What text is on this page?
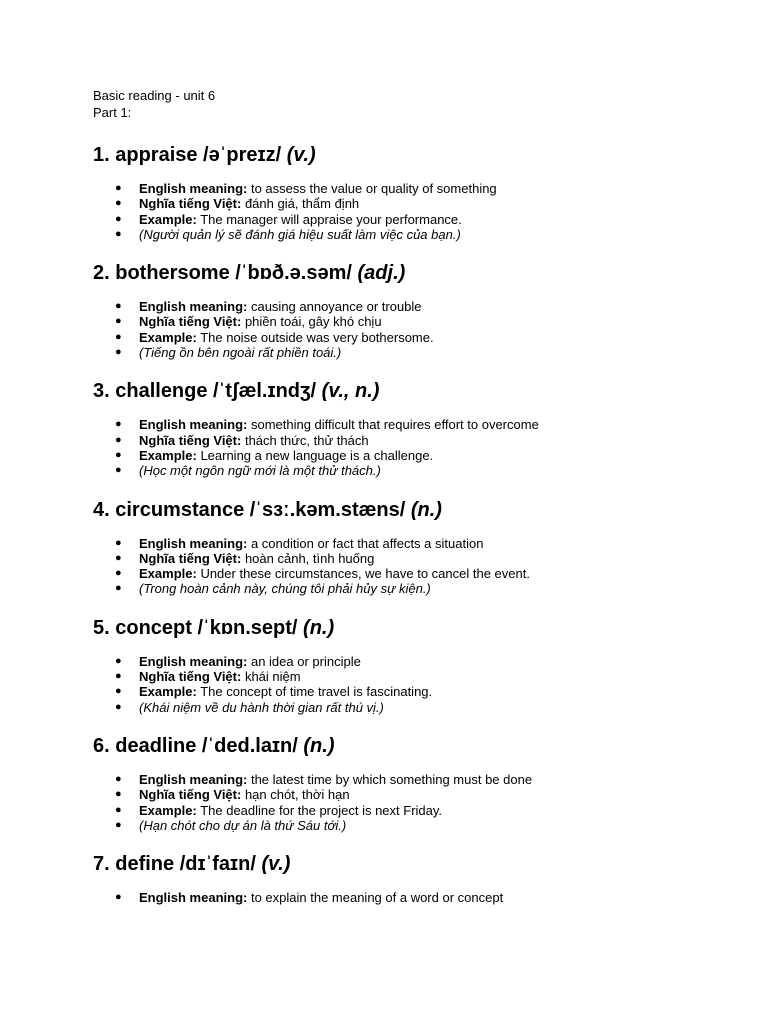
Basic reading - unit 6

Part 1:

1. appraise /əˈpreɪz/ (v.)
● English meaning: to assess the value or quality of something
● Nghĩa tiếng Việt: đánh giá, thẩm định
● Example: The manager will appraise your performance.
● (Người quản lý sẽ đánh giá hiệu suất làm việc của bạn.)
2. bothersome /ˈbɒð.ə.səm/ (adj.)
● English meaning: causing annoyance or trouble
● Nghĩa tiếng Việt: phiền toái, gây khó chịu
● Example: The noise outside was very bothersome.
● (Tiếng ồn bên ngoài rất phiền toái.)
3. challenge /ˈtʃæl.ɪndʒ/ (v., n.)
● English meaning: something difficult that requires effort to overcome
● Nghĩa tiếng Việt: thách thức, thử thách
● Example: Learning a new language is a challenge.
● (Học một ngôn ngữ mới là một thử thách.)
4. circumstance /ˈsɜː.kəm.stæns/ (n.)
● English meaning: a condition or fact that affects a situation
● Nghĩa tiếng Việt: hoàn cảnh, tình huống
● Example: Under these circumstances, we have to cancel the event.
● (Trong hoàn cảnh này, chúng tôi phải hủy sự kiện.)
5. concept /ˈkɒn.sept/ (n.)
● English meaning: an idea or principle
● Nghĩa tiếng Việt: khái niệm
● Example: The concept of time travel is fascinating.
● (Khái niệm về du hành thời gian rất thú vị.)
6. deadline /ˈded.laɪn/ (n.)
● English meaning: the latest time by which something must be done
● Nghĩa tiếng Việt: hạn chót, thời hạn
● Example: The deadline for the project is next Friday.
● (Hạn chót cho dự án là thứ Sáu tới.)
7. define /dɪˈfaɪn/ (v.)
● English meaning: to explain the meaning of a word or concept
